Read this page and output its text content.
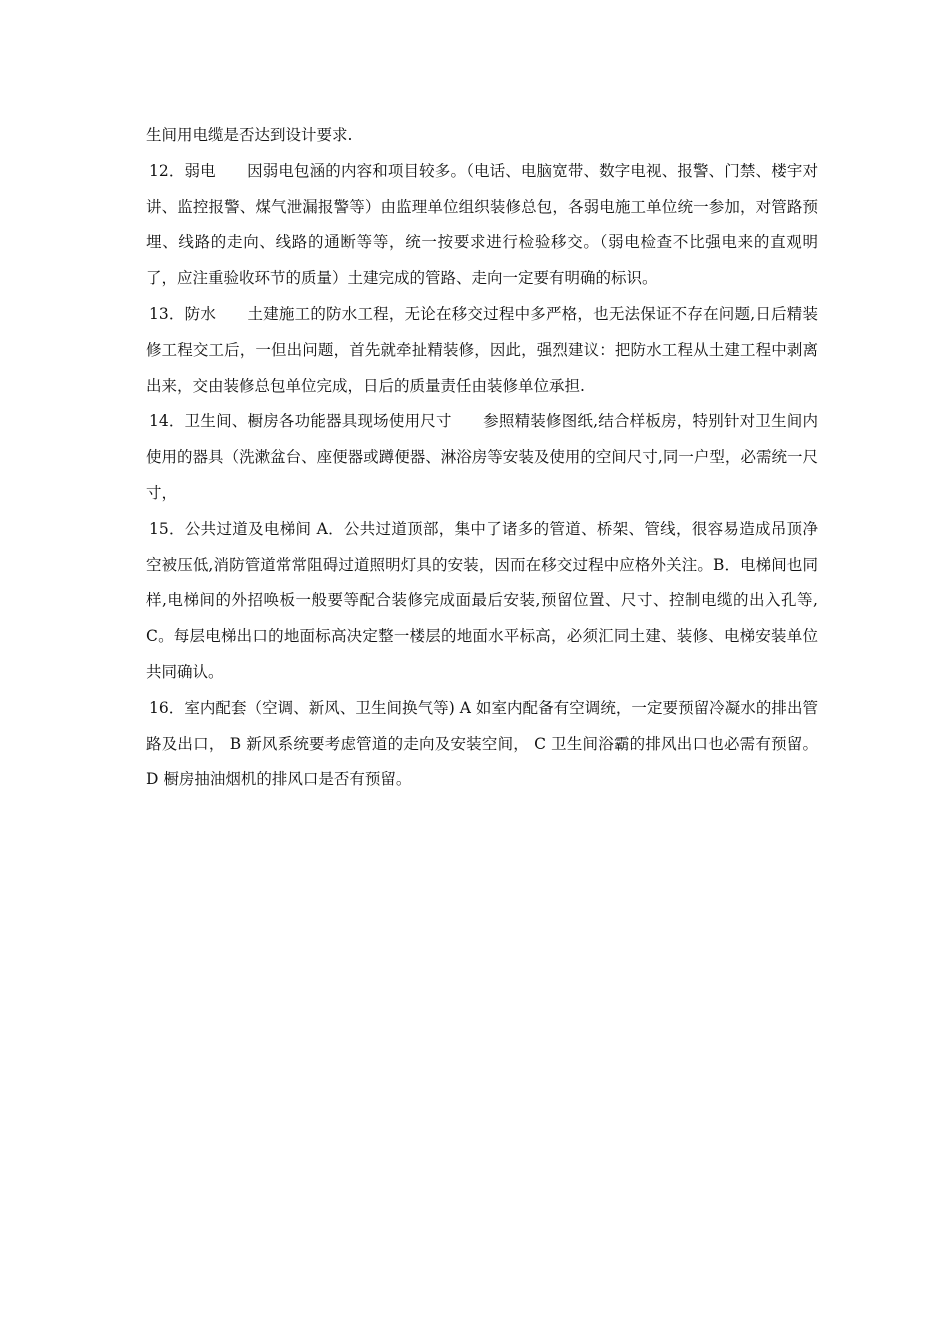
生间用电缆是否达到设计要求.

12．弱电　　因弱电包涵的内容和项目较多。（电话、电脑宽带、数字电视、报警、门禁、楼宇对讲、监控报警、煤气泄漏报警等）由监理单位组织装修总包，各弱电施工单位统一参加，对管路预埋、线路的走向、线路的通断等等，统一按要求进行检验移交。（弱电检查不比强电来的直观明了，应注重验收环节的质量）土建完成的管路、走向一定要有明确的标识。

13．防水　　土建施工的防水工程，无论在移交过程中多严格，也无法保证不存在问题,日后精装修工程交工后，一但出问题，首先就牵扯精装修，因此，强烈建议：把防水工程从土建工程中剥离出来，交由装修总包单位完成，日后的质量责任由装修单位承担.

14．卫生间、橱房各功能器具现场使用尺寸　　参照精装修图纸,结合样板房，特别针对卫生间内使用的器具（洗漱盆台、座便器或蹲便器、淋浴房等安装及使用的空间尺寸,同一户型，必需统一尺寸，

15．公共过道及电梯间 A．公共过道顶部，集中了诸多的管道、桥架、管线，很容易造成吊顶净空被压低,消防管道常常阻碍过道照明灯具的安装，因而在移交过程中应格外关注。B．电梯间也同样,电梯间的外招唤板一般要等配合装修完成面最后安装,预留位置、尺寸、控制电缆的出入孔等, C。每层电梯出口的地面标高决定整一楼层的地面水平标高，必须汇同土建、装修、电梯安装单位共同确认。

16．室内配套（空调、新风、卫生间换气等) A 如室内配备有空调统，一定要预留冷凝水的排出管路及出口， B 新风系统要考虑管道的走向及安装空间， C 卫生间浴霸的排风出口也必需有预留。 D 橱房抽油烟机的排风口是否有预留。
